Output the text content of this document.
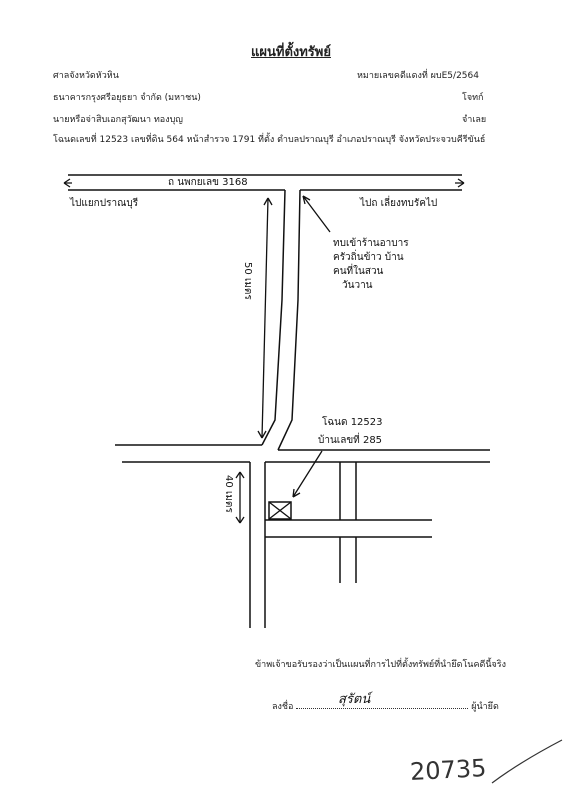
แผนที่ตั้งทรัพย์
ศาลจังหวัดหัวหิน	หมายเลขคดีแดงที่ ผบE5/2564
ธนาคารกรุงศรีอยุธยา จำกัด (มหาชน)	โจทก์
นายหรือจ่าสิบเอกสุวัฒนา ทองบุญ	จำเลย
โฉนดเลขที่ 12523 เลขที่ดิน 564 หน้าสำรวจ 1791 ที่ตั้ง ตำบลปราณบุรี อำเภอปราณบุรี จังหวัดประจวบคีรีขันธ์
ถ นพกยเลข 3168
ไปแยกปราณบุรี	ไปถ เลี่ยงทบรัคไป
ทบเข้าร้านอาบาร
ครัวถิ่นข้าว บ้าน
คนที่ในสวน
วันวาน
50 เมตร
40 เมตร
โฉนด 12523
บ้านเลขที่ 285
ข้าพเจ้าขอรับรองว่าเป็นแผนที่การไปที่ตั้งทรัพย์ที่นำยึดโนคดีนี้จริง
ลงชื่อ	ผู้นำยึด
สุรัตน์
20735
